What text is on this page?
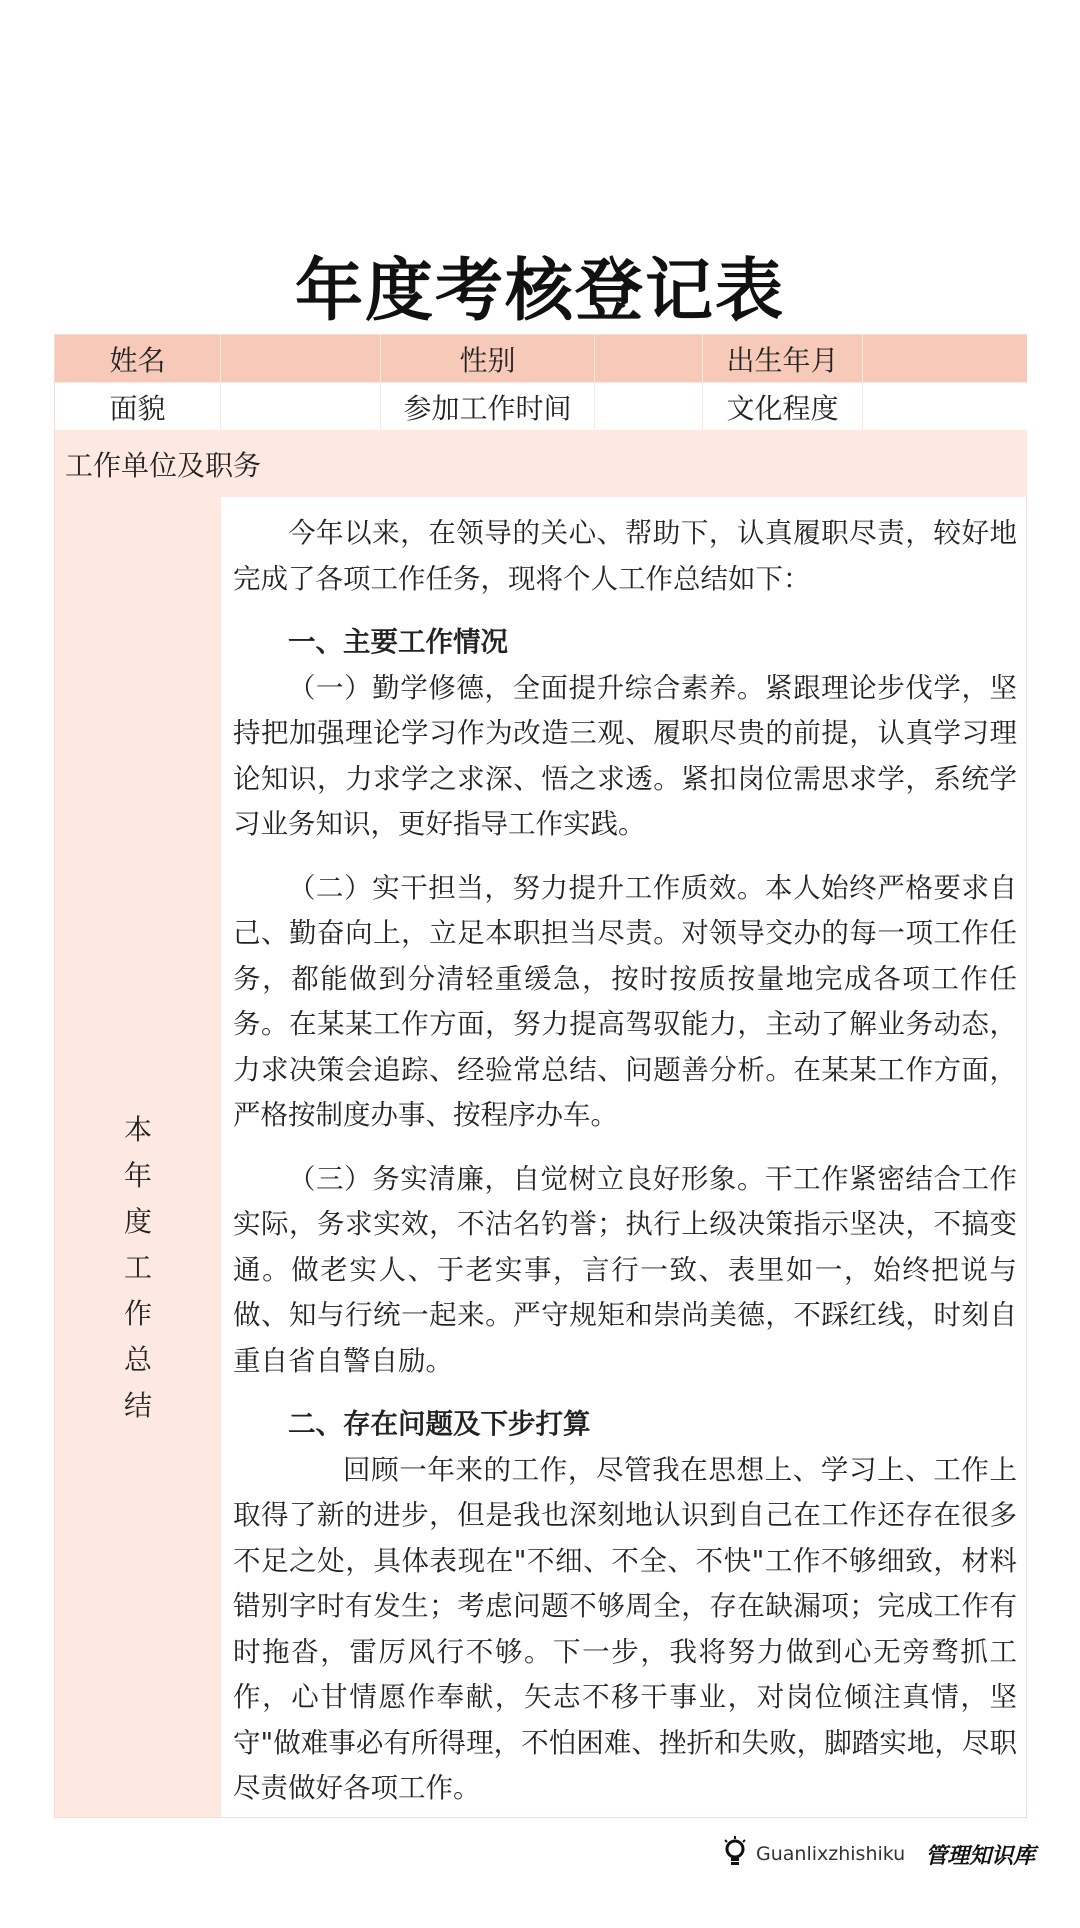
年度考核登记表
姓名	性别	出生年月
面貌	参加工作时间	文化程度
工作单位及职务
本
年
度
工
作
总
结

今年以来，在领导的关心、帮助下，认真履职尽责，较好地完成了各项工作任务，现将个人工作总结如下：

一、主要工作情况

（一）勤学修德，全面提升综合素养。紧跟理论步伐学，坚持把加强理论学习作为改造三观、履职尽贵的前提，认真学习理论知识，力求学之求深、悟之求透。紧扣岗位需思求学，系统学习业务知识，更好指导工作实践。

（二）实干担当，努力提升工作质效。本人始终严格要求自己、勤奋向上，立足本职担当尽责。对领导交办的每一项工作任务，都能做到分清轻重缓急，按时按质按量地完成各项工作任务。在某某工作方面，努力提高驾驭能力，主动了解业务动态，力求决策会追踪、经验常总结、问题善分析。在某某工作方面，严格按制度办事、按程序办车。

（三）务实清廉，自觉树立良好形象。干工作紧密结合工作实际，务求实效，不沽名钓誉；执行上级决策指示坚决，不搞变通。做老实人、于老实事，言行一致、表里如一，始终把说与做、知与行统一起来。严守规矩和崇尚美德，不踩红线，时刻自重自省自警自励。

二、存在问题及下步打算

回顾一年来的工作，尽管我在思想上、学习上、工作上取得了新的进步，但是我也深刻地认识到自己在工作还存在很多不足之处，具体表现在"不细、不全、不快"工作不够细致，材料错别字时有发生；考虑问题不够周全，存在缺漏项；完成工作有时拖沓，雷厉风行不够。下一步，我将努力做到心无旁骛抓工作，心甘情愿作奉献，矢志不移干事业，对岗位倾注真情，坚守"做难事必有所得理，不怕困难、挫折和失败，脚踏实地，尽职尽责做好各项工作。

Guanlixzhishiku 管理知识库
